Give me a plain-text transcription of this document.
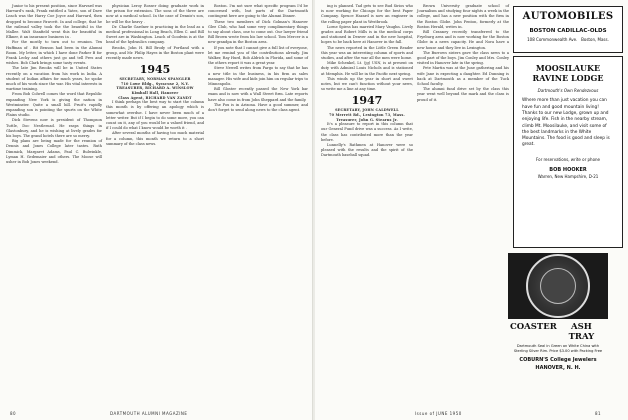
Junior to his present position, since Harvard was Harvard's rank, Frank entitled a Yates, son of Dave Leach was the Harry Coe Joyce and Harvard, then dropped to become Fawcett. In and college, that he the railroad valley took the the beautiful in the Mallee. Walt Stanfield went this far beautiful in Elkner, it an insurance business in .

For the mostly to turn out to reunion. Tex Huffman of . Bit Benson had been in the Alumni Room. My letter, in which I have done Parker B for Frank Lecky and others just go and tell Pres and wishes. Bob Clark brings some tasty events.

The late Jim Brooks will be in United States recently on a vacation from his work in India. A student of Indian affairs for much years, he spoke much of his work since the war. His vital interests in wartime training.

From Bob Colwell comes the word that Republic expanding New York is giving the nation in Westminster. Quite a small hill. Pruit's rapidly expanding son is pointing the spurts on the White Plains studio.

Dick Stevens now is president of Thompson Tuttle, Doc Nestleroad. He rasps things in Glastonbury, and he is wishing at lively grades for his boys. The grand hotels there are so merry.

Big plans are being made for the reunion of Dennis and Jones College later tastes. Ruth Dimmick, Margaret Adams, Paul C. Bulwinkle, Lyman H. Gedemaier and others. The Moose will usher in Bob Jones weekend.

physician Leroy Rosser doing graduate work in the prison for extension. The sons of the three are now at a medical school. In the case of Dennis's son, he will be the heavy .

Dr. Charlie Gardner is practicing in the lead as a medical professional in Long Beach, Ellen C. and Bill Sweet are in Washington. Leach of Goodwin is at the head of the hydraulics company.

Brooks, John H. Bill Brody of Portland with a group, and Mr. Philip Hayes in the Boston plant were recently made news.

1945
SECRETARY, NORMAN SPANGLER
710 Lowe Bldg., Syracuse 2, N.Y.
TREASURER, RICHARD A. WINSLOW
Kimball Hall, Hanover
Class Agent, RICHARD VAN ZANDT

I think perhaps the best way to start the column this month is by offering an apology which is somewhat overdue. I have never been much of a letter writer. But if I begin to do some more, you can count on it, any of you would be a valued friend, and if I could do what I know would be worth it .

After several months of having too much material for a column, this month we return to a short summary of the class news.

Boston. I'm not sure what specific program I'd be concerned with, but parts of the Dartmouth contingent here are going to the Alumni Dinner.

These two members of Dick Golman's Hanover Glee Club, who had some very complimentary things to say about class, one to come out. Our lawyer friend Bill Brown wrote from his law school. Tom Mercer is a new grandpa in the Boston area.

If you note that I cannot give a full list of everyone, let me remind you of the contributions already. Jim Walker, Ray Hurd, Bob Aldrich in Florida, and some of the others report it was a great year.

Steve Newell writes from Fargo to say that he has a new title in the business, in his firm as sales manager. His wife and kids join him on regular trips to Minneapolis.

Bill Gloster recently passed the New York bar exam and is now with a Wall Street firm. Late reports have also come in from John Sheppard and the family.

The Fox is in Arizona. Have a good summer, and don't forget to send along news to the class agent.

80	DARTMOUTH ALUMNI MAGAZINE

ing is planned. Tad gets to see Bud Sirios who is now working for Chicago for the best Paper Company. Spruce Hazard is now an engineer in the rolling paper plant in Westbrook.

Lorne Spiess has married Mary Vaughn. Lively grades and Robert Mills is in the medical corps and stationed in Denver and in the new hospital, hopes to be back here at Hanover in the fall.

The news reported in the Little Green Reader this year was an interesting column of sports and studies, and after the war all the men were home.

Mike Schenkel, Lt. (jg) USN, is at present on duty with Admiral Louis Nichols and is stationed at Memphis. He will be in the Pacific next spring.

This winds up the year in short and sweet notes, but we can't function without your news, so write me a line at any time.

1947
SECRETARY, JOHN CALDWELL
70 Merrett Rd., Lexington 73, Mass.
Treasurer, John G. Stearns Jr.

It's a pleasure to report in this column that our General Fund drive was a success. As I write, the class has contributed more than the year before.

Lunnelly's Rathmen at Hanover were so pleased with the results and the spirit of the Dartmouth baseball squad.

Brown University graduate school of Journalism and studying four nights a week in the college, and has a new position with the firm in the Boston Globe. John Fenton, formerly at the Boston Herald, writes in.

Bill Cranney recently transferred to the Fryeburg area and is now working for the Boston Globe in a news capacity. He and Nora have a new house and they live in Lexington.

The Burrows sisters gave the class news to a good part of the boys. Jim Conley and Mrs. Conley visited in Hanover late in the spring.

Pete Martin was at the June gathering and his wife Jane is expecting a daughter. Ed Dunning is back at Dartmouth as a member of the Tuck School faculty.

The alumni fund drive set by the class this year went well beyond the mark and the class is proud of it.

Issue of JUNE 1950	81
AUTOMOBILES
BOSTON CADILLAC-OLDS
108 Commonwealth Ave. Boston, Mass.
MOOSILAUKE
RAVINE LODGE
Dartmouth's Own Rendezvous
Where more than just vacation you can have fun and good mountain living! Thanks to our new Lodge, grown up and enjoying life. Fish in the nearby stream, climb Mt. Moosilauke, and visit some of the best landmarks in the White Mountains. The food is good and sleep is great.
For reservations, write or phone
BOB HOOKER
Warren, New Hampshire, D-21
COASTER	ASH TRAY
Dartmouth Seal in Green on White China with
Sterling Silver Rim. Price $3.00 with Packing Free
COBURN'S College Jewelers HANOVER, N. H.
